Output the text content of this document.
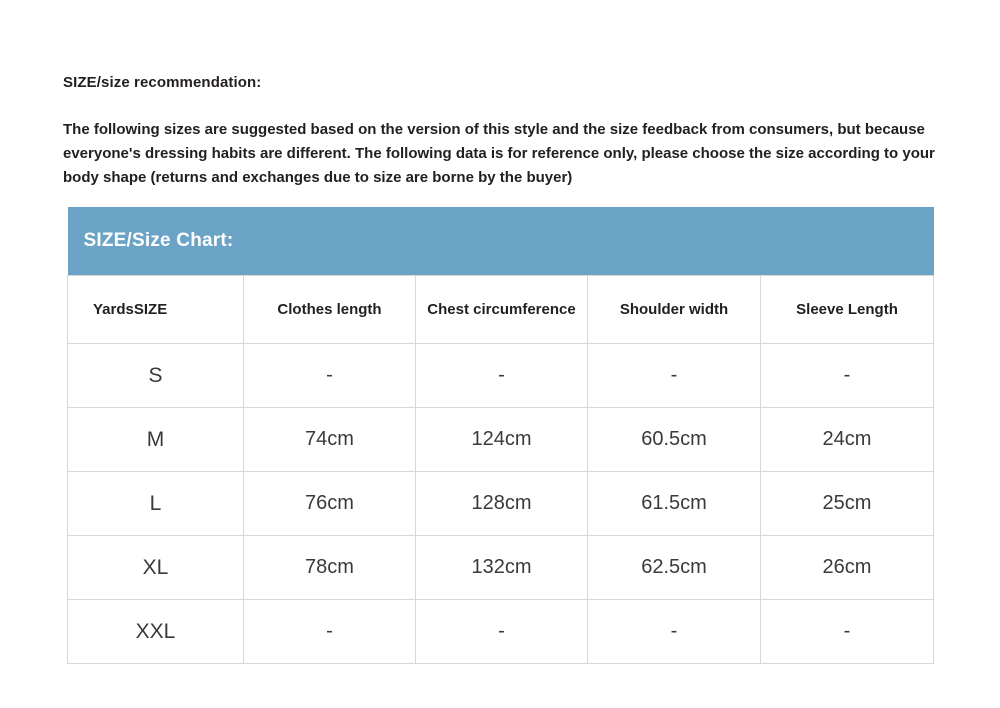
SIZE/size recommendation:
The following sizes are suggested based on the version of this style and the size feedback from consumers, but because everyone's dressing habits are different. The following data is for reference only, please choose the size according to your body shape (returns and exchanges due to size are borne by the buyer)
SIZE/Size Chart:				
YardsSIZE	Clothes length	Chest circumference	Shoulder width	Sleeve Length
S	-	-	-	-
M	74cm	124cm	60.5cm	24cm
L	76cm	128cm	61.5cm	25cm
XL	78cm	132cm	62.5cm	26cm
XXL	-	-	-	-
